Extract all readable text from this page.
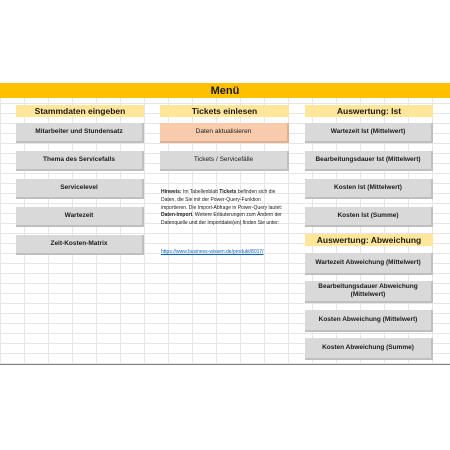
Menü
Stammdaten eingeben
Mitarbeiter und Stundensatz
Thema des Servicefalls
Servicelevel
Wartezeit
Zeit-Kosten-Matrix
Tickets einlesen
Daten aktualisieren
Tickets / Servicefälle
Hinweis: Im Tabellenblatt Tickets befinden sich die Daten, die Sie mit der Power-Query-Funktion importieren. Die Import-Abfrage in Power-Query lautet: Daten-Import. Weitere Erläuterungen zum Ändern der Datenquelle und der Importdatei(en) finden Sie unter:
https://www.business-wissen.de/produkt/8017/
Auswertung: Ist
Wartezeit Ist (Mittelwert)
Bearbeitungsdauer Ist (Mittelwert)
Kosten Ist (Mittelwert)
Kosten Ist (Summe)
Auswertung: Abweichung
Wartezeit Abweichung (Mittelwert)
Bearbeitungsdauer Abweichung (Mittelwert)
Kosten Abweichung (Mittelwert)
Kosten Abweichung (Summe)
